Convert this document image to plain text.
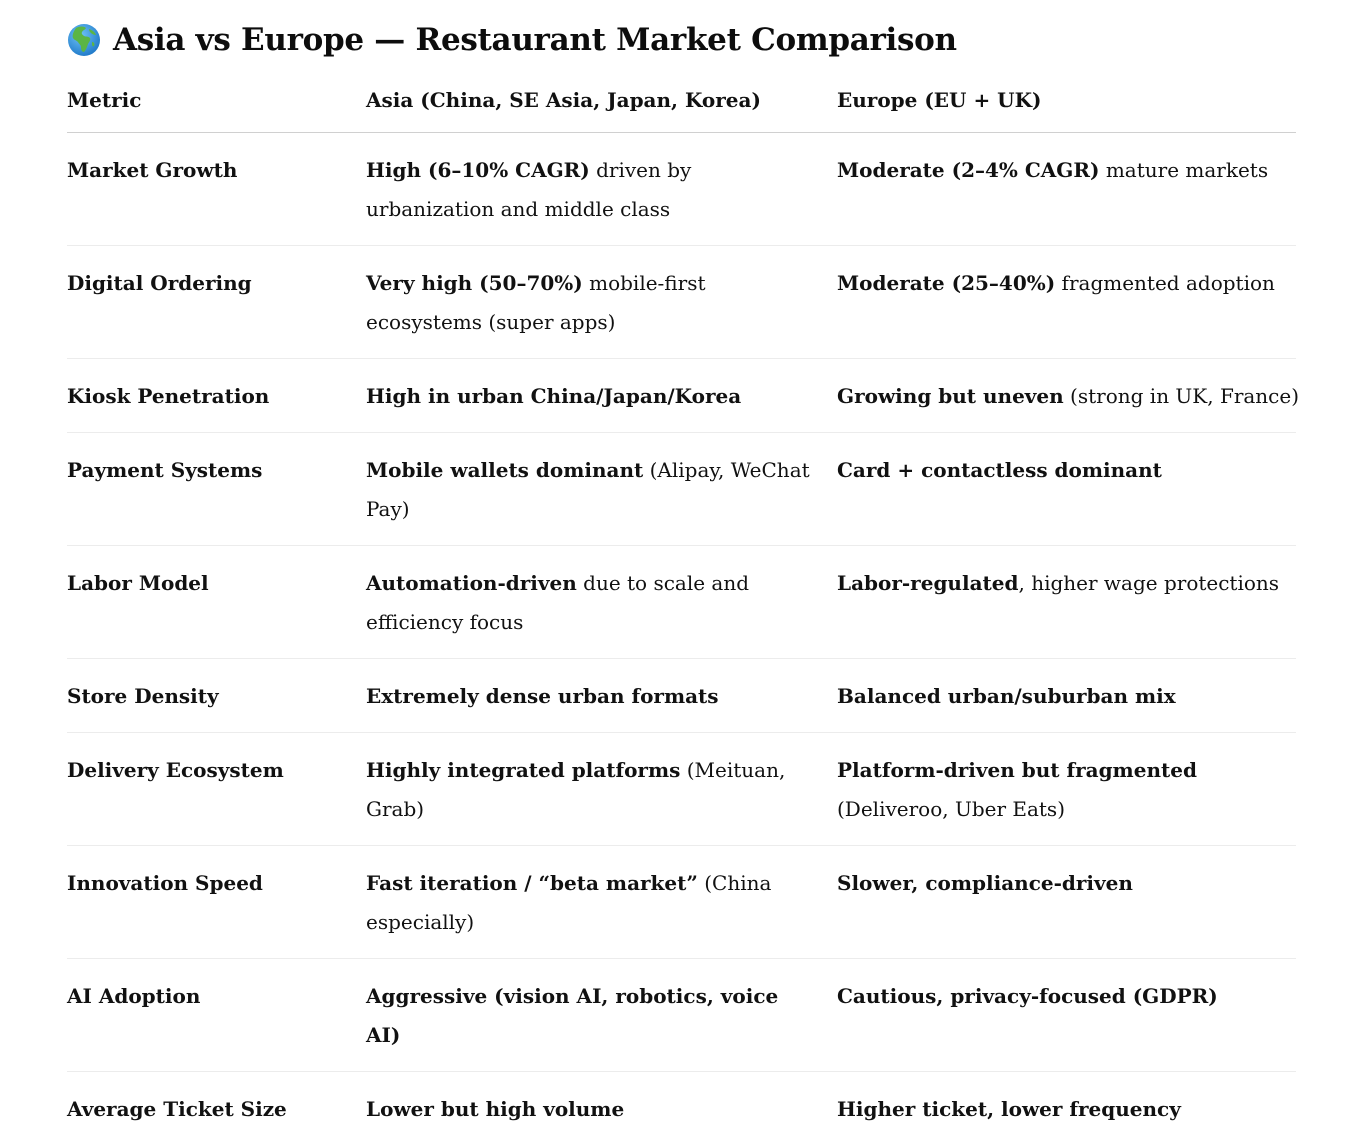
Asia vs Europe — Restaurant Market Comparison
Metric	Asia (China, SE Asia, Japan, Korea)	Europe (EU + UK)
Market Growth	High (6–10% CAGR) driven by urbanization and middle class	Moderate (2–4% CAGR) mature markets
Digital Ordering	Very high (50–70%) mobile-first ecosystems (super apps)	Moderate (25–40%) fragmented adoption
Kiosk Penetration	High in urban China/Japan/Korea	Growing but uneven (strong in UK, France)
Payment Systems	Mobile wallets dominant (Alipay, WeChat Pay)	Card + contactless dominant
Labor Model	Automation-driven due to scale and efficiency focus	Labor-regulated, higher wage protections
Store Density	Extremely dense urban formats	Balanced urban/suburban mix
Delivery Ecosystem	Highly integrated platforms (Meituan, Grab)	Platform-driven but fragmented (Deliveroo, Uber Eats)
Innovation Speed	Fast iteration / “beta market” (China especially)	Slower, compliance-driven
AI Adoption	Aggressive (vision AI, robotics, voice AI)	Cautious, privacy-focused (GDPR)
Average Ticket Size	Lower but high volume	Higher ticket, lower frequency
